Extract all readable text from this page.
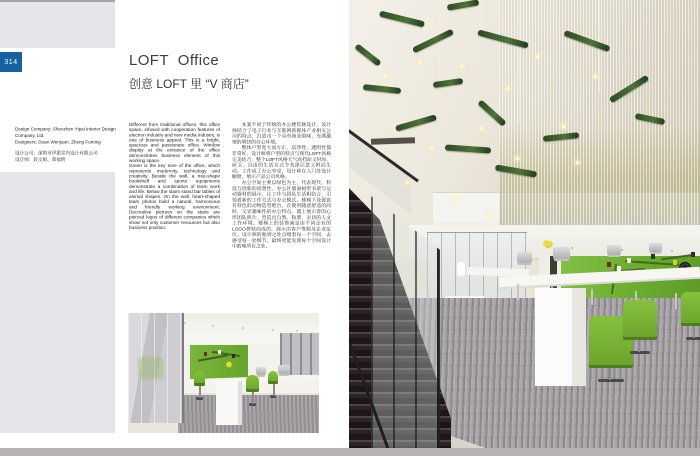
314	LOFT  Office
创意 LOFT 里 “V 商店”
Design Company: Shenzhen Yipai Interior Design Company, Ltd.
Designers: Duan Wenjuan, Zheng Fuming
设计公司：深圳市伊派室内设计有限公司
设计师：段文娟、郑福明

Different from traditional offices, this office space, infused with cooperation features of electron industry and new media industry, is one of business appeal. This is a bright, spacious and passionate office. Window display at the entrance of the office demonstrates business element of this working space.

Green is the key tone of the office, which represents modernity, technology and creativity. Beside the wall, a tree-shape bookshelf and sports equipments demonstrate a combination of team work and life. Below the stairs stand bar tables of animal shapes. On the wall, heart-shaped team photos build a natural, harmonious and friendly working environment. Decorative pictures on the stairs are pierced logos of different companies which show not only customer resources but also business position.

本案不同于传统的办公楼装修设计，设计师结合了电子行业与互联网新媒体产业相关公司的特点，打造出一个具有商业韵味、充满激情的明快的办公环境。

整体户型宽大而方正，洁净性、透明性都非常好。设计师将户型的特点与现代LOFT风格完美结合，整个LOFT风格大气高档而又时尚、前卫，自由的生活方式令其深层意义鲜活生动。工作成了办公享受，设计师在入门处设计橱窗，展示产品公司风格。

办公空间主要以绿色为主，代表现代、科技与创新的思想性。办公区墙面树形书架与运动器材的展示，让工作与团队生活相结合，引领着新的工作方式与办公模式。楼梯下设置富有特色的动物造型吧台，在使用随意舒适的同时，又显趣味性的办公特点。墙上展示着的心形团队照片，营造出自然、和谐、亲切的人文工作环境。楼梯上的装饰画是由不同企业的LOGO拼贴而成的，展示出客户资源及企业定位。设计师的独到之处点缀着每一个空间，去感受每一处细节，最终更能发现每个空间设计中韵味所在之处。
